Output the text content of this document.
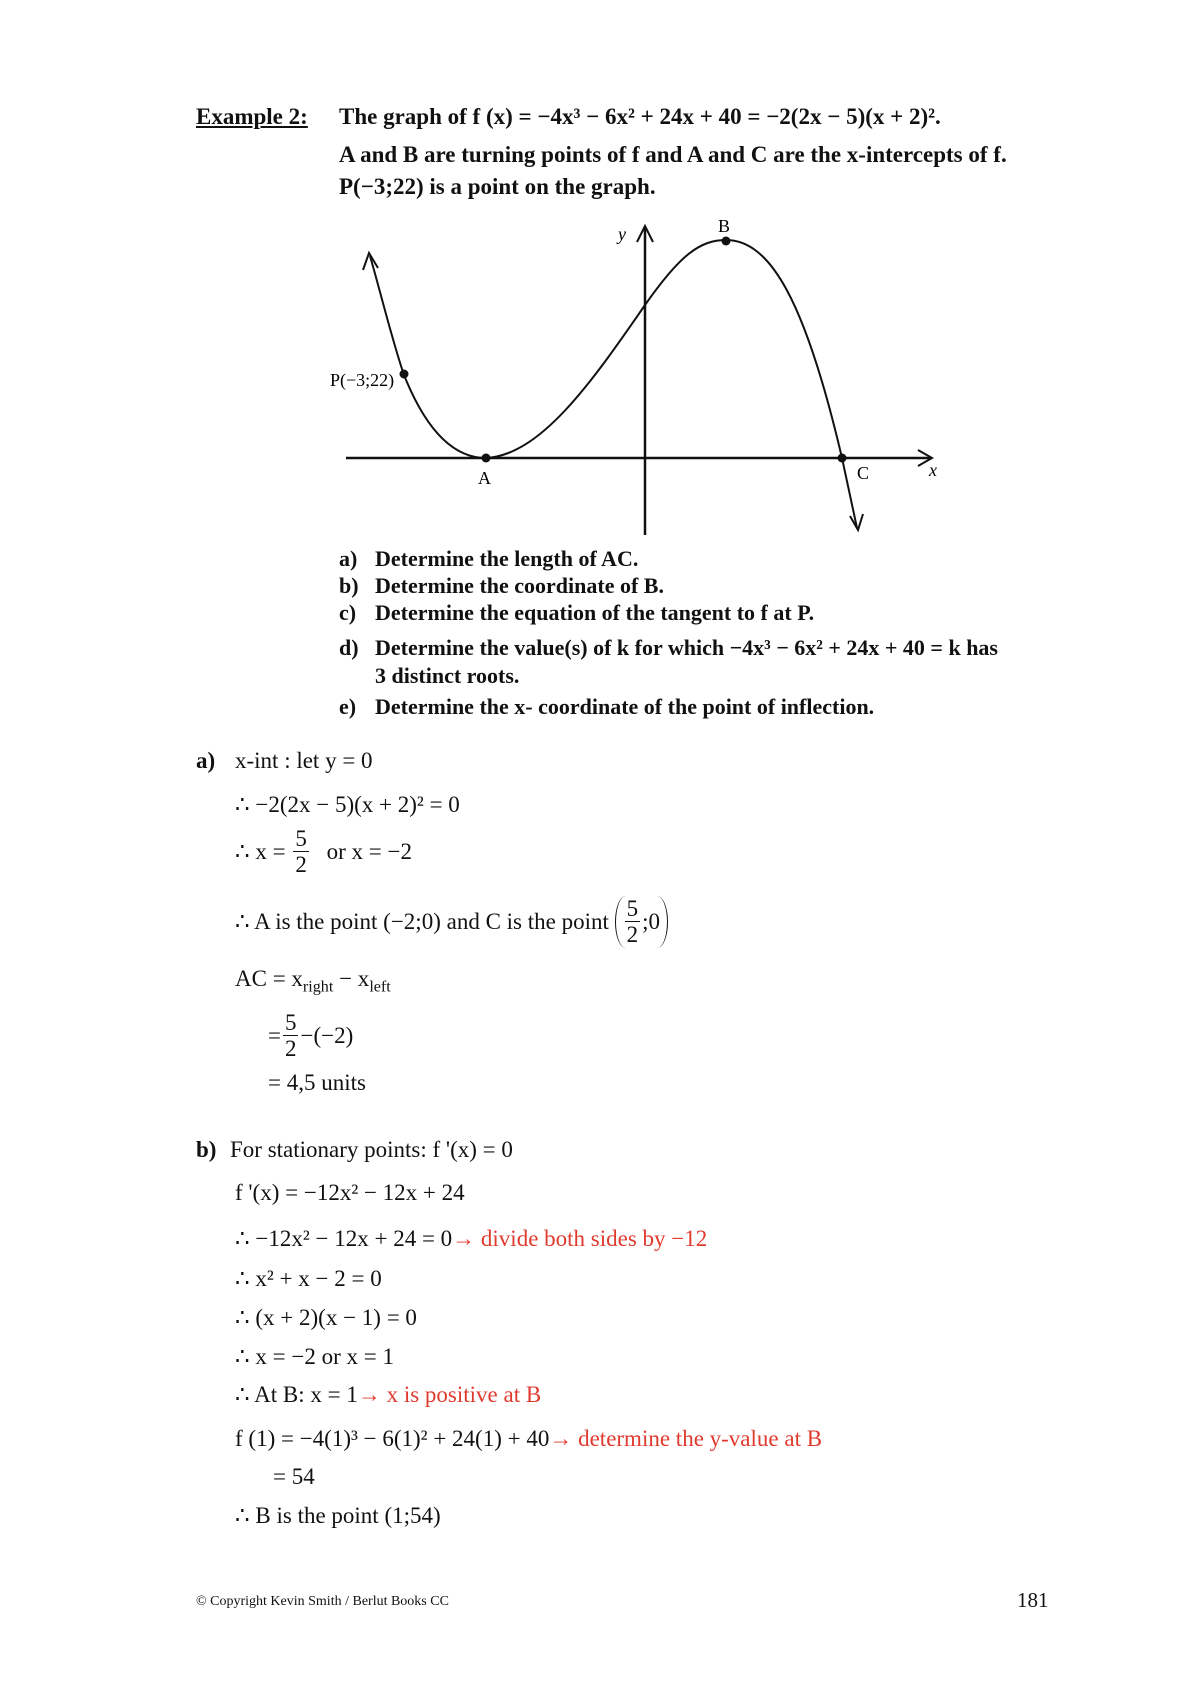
Example 2: The graph of f (x) = −4x³ − 6x² + 24x + 40 = −2(2x − 5)(x + 2)².
A and B are turning points of f and A and C are the x-intercepts of f.
P(−3;22) is a point on the graph.
y
x
A
B
C
P(−3;22)
a) Determine the length of AC.
b) Determine the coordinate of B.
c) Determine the equation of the tangent to f at P.
d) Determine the value(s) of k for which −4x³ − 6x² + 24x + 40 = k has
3 distinct roots.
e) Determine the x- coordinate of the point of inflection.
a) x-int : let y = 0
∴ −2(2x − 5)(x + 2)² = 0
∴ $x = \frac{5}{2}$ or x = −2
∴ A is the point (−2;0) and C is the point $\frac{5}{2}$ ;0
AC = $x_{right} - x_{left}$
= $\frac{5}{2} -(-2)$
= 4,5 units
b) For stationary points: f '(x) = 0
f '(x) = −12x² − 12x + 24
∴ −12x² − 12x + 24 = 0→ divide both sides by −12
∴ x² + x − 2 = 0
∴ (x + 2)(x − 1) = 0
∴ x = −2 or x = 1
∴ At B: x = 1→ x is positive at B
f (1) = −4(1)³ − 6(1)² + 24(1) + 40→ determine the y-value at B
= 54
∴ B is the point (1;54)
© Copyright Kevin Smith / Berlut Books CC	181
